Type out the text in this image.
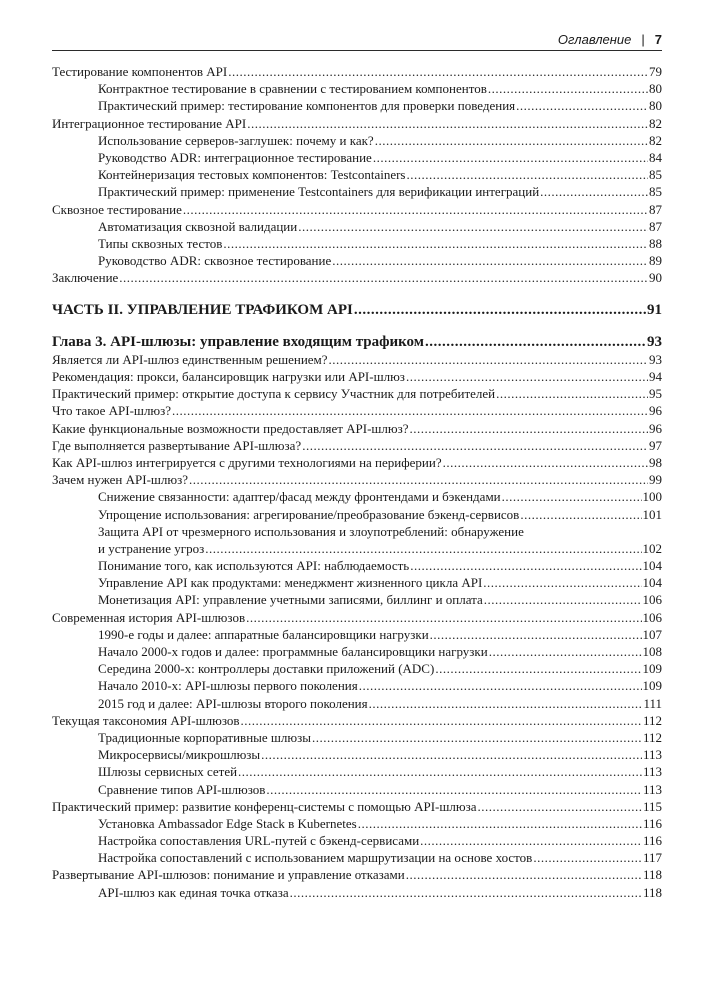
Оглавление | 7
Тестирование компонентов API .....	79
Контрактное тестирование в сравнении с тестированием компонентов .....	80
Практический пример: тестирование компонентов для проверки поведения .....	80
Интеграционное тестирование API .....	82
Использование серверов-заглушек: почему и как? .....	82
Руководство ADR: интеграционное тестирование .....	84
Контейнеризация тестовых компонентов: Testcontainers .....	85
Практический пример: применение Testcontainers для верификации интеграций .....	85
Сквозное тестирование .....	87
Автоматизация сквозной валидации .....	87
Типы сквозных тестов .....	88
Руководство ADR: сквозное тестирование .....	89
Заключение .....	90
ЧАСТЬ II. УПРАВЛЕНИЕ ТРАФИКОМ API .....	91
Глава 3. API-шлюзы: управление входящим трафиком .....	93
Является ли API-шлюз единственным решением? .....	93
Рекомендация: прокси, балансировщик нагрузки или API-шлюз .....	94
Практический пример: открытие доступа к сервису Участник для потребителей .....	95
Что такое API-шлюз? .....	96
Какие функциональные возможности предоставляет API-шлюз? .....	96
Где выполняется развертывание API-шлюза? .....	97
Как API-шлюз интегрируется с другими технологиями на периферии? .....	98
Зачем нужен API-шлюз? .....	99
Снижение связанности: адаптер/фасад между фронтендами и бэкендами .....	100
Упрощение использования: агрегирование/преобразование бэкенд-сервисов .....	101
Защита API от чрезмерного использования и злоупотреблений: обнаружение
и устранение угроз .....	102
Понимание того, как используются API: наблюдаемость .....	104
Управление API как продуктами: менеджмент жизненного цикла API .....	104
Монетизация API: управление учетными записями, биллинг и оплата .....	106
Современная история API-шлюзов .....	106
1990-е годы и далее: аппаратные балансировщики нагрузки .....	107
Начало 2000-х годов и далее: программные балансировщики нагрузки .....	108
Середина 2000-х: контроллеры доставки приложений (ADC) .....	109
Начало 2010-х: API-шлюзы первого поколения .....	109
2015 год и далее: API-шлюзы второго поколения .....	111
Текущая таксономия API-шлюзов .....	112
Традиционные корпоративные шлюзы .....	112
Микросервисы/микрошлюзы .....	113
Шлюзы сервисных сетей .....	113
Сравнение типов API-шлюзов .....	113
Практический пример: развитие конференц-системы с помощью API-шлюза .....	115
Установка Ambassador Edge Stack в Kubernetes .....	116
Настройка сопоставления URL-путей с бэкенд-сервисами .....	116
Настройка сопоставлений с использованием маршрутизации на основе хостов .....	117
Развертывание API-шлюзов: понимание и управление отказами .....	118
API-шлюз как единая точка отказа .....	118
